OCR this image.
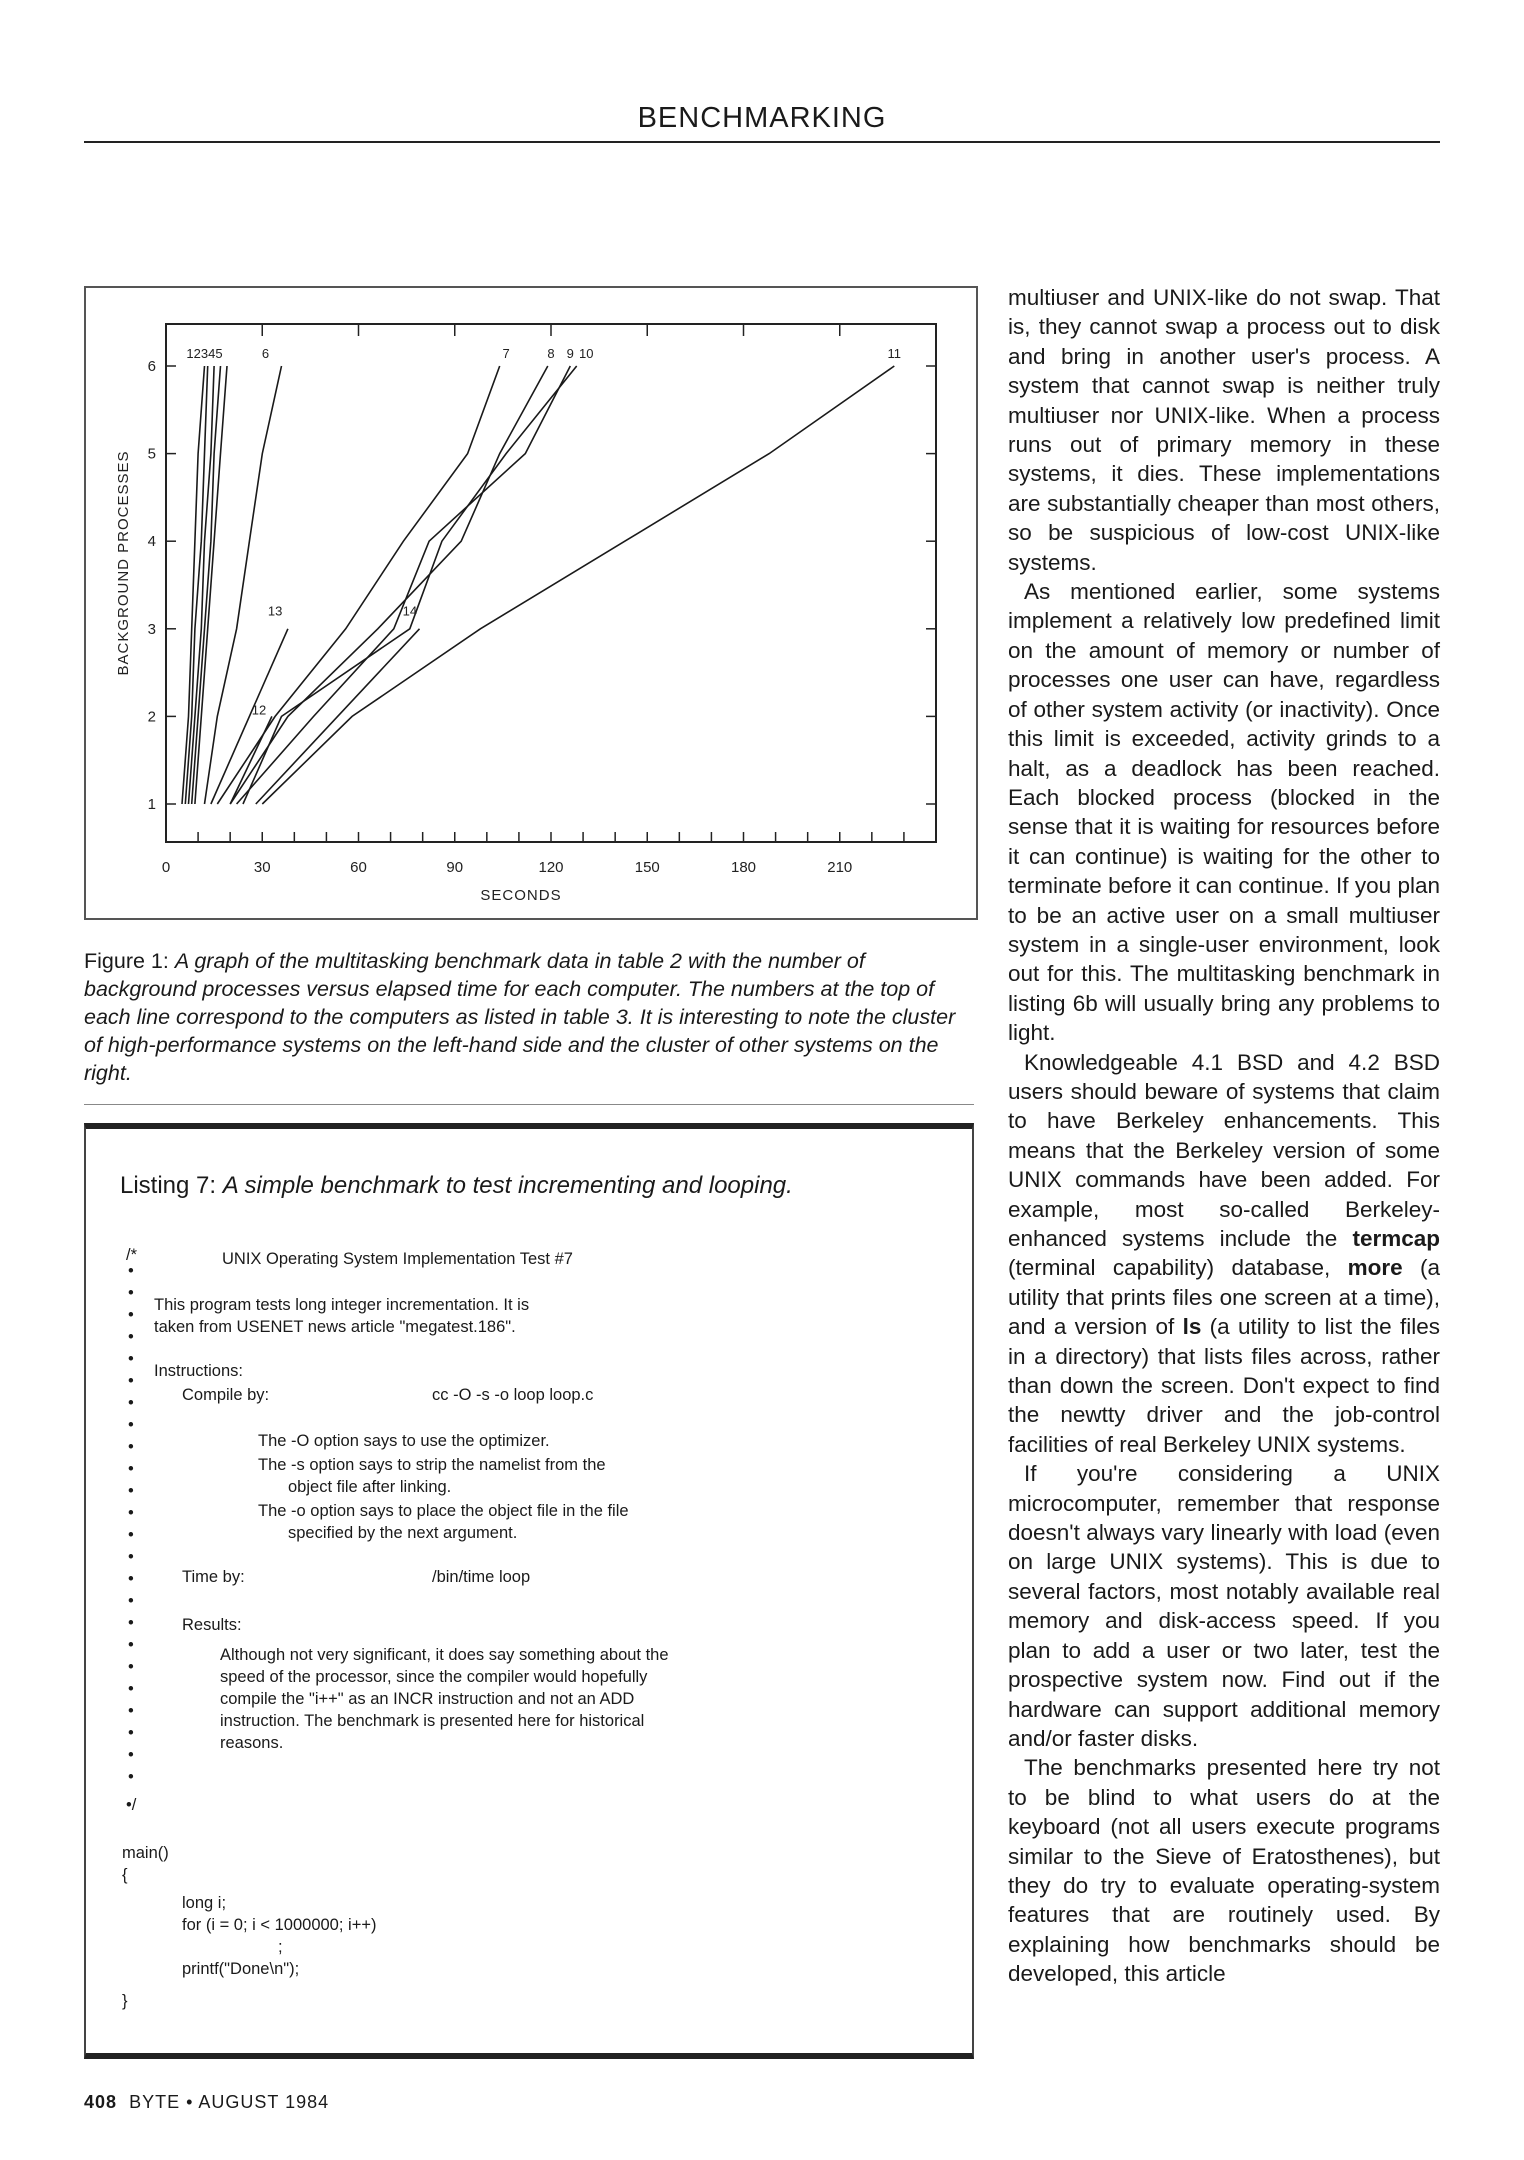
BENCHMARKING
0	30	60	90	120	150	180	210
1
2
3
4
5
6
SECONDS
BACKGROUND PROCESSES
12345	6	7	8 9 10	11
12
13	14
Figure 1: A graph of the multitasking benchmark data in table 2 with the number of background processes versus elapsed time for each computer. The numbers at the top of each line correspond to the computers as listed in table 3. It is interesting to note the cluster of high-performance systems on the left-hand side and the cluster of other systems on the right.
Listing 7: A simple benchmark to test incrementing and looping.
/*
•
•
•
•
•
•
•
•
•
•
•
•
•
•
•
•
•
•
•
•
•
•
•
•
•/
main()
{
long i;
for (i = 0; i < 1000000; i++)
;
printf("Done\n");
}
UNIX Operating System Implementation Test #7
This program tests long integer incrementation. It is
taken from USENET news article "megatest.186".
Instructions:
Compile by:	cc -O -s -o loop loop.c
The -O option says to use the optimizer.
The -s option says to strip the namelist from the
object file after linking.
The -o option says to place the object file in the file
specified by the next argument.
Time by:	/bin/time loop
Results:
Although not very significant, it does say something about the
speed of the processor, since the compiler would hopefully
compile the "i++" as an INCR instruction and not an ADD
instruction. The benchmark is presented here for historical
reasons.

multiuser and UNIX-like do not swap. That is, they cannot swap a process out to disk and bring in another user's process. A system that cannot swap is neither truly multiuser nor UNIX-like. When a process runs out of primary memory in these systems, it dies. These implementations are substantially cheaper than most others, so be suspicious of low-cost UNIX-like systems.

As mentioned earlier, some systems implement a relatively low predefined limit on the amount of memory or number of processes one user can have, regardless of other system activity (or inactivity). Once this limit is exceeded, activity grinds to a halt, as a deadlock has been reached. Each blocked process (blocked in the sense that it is waiting for resources before it can continue) is waiting for the other to terminate before it can continue. If you plan to be an active user on a small multiuser system in a single-user environment, look out for this. The multitasking benchmark in listing 6b will usually bring any problems to light.

Knowledgeable 4.1 BSD and 4.2 BSD users should beware of systems that claim to have Berkeley enhancements. This means that the Berkeley version of some UNIX commands have been added. For example, most so-called Berkeley-enhanced systems include the termcap (terminal capability) database, more (a utility that prints files one screen at a time), and a version of ls (a utility to list the files in a directory) that lists files across, rather than down the screen. Don't expect to find the newtty driver and the job-control facilities of real Berkeley UNIX systems.

If you're considering a UNIX microcomputer, remember that response doesn't always vary linearly with load (even on large UNIX systems). This is due to several factors, most notably available real memory and disk-access speed. If you plan to add a user or two later, test the prospective system now. Find out if the hardware can support additional memory and/or faster disks.

The benchmarks presented here try not to be blind to what users do at the keyboard (not all users execute programs similar to the Sieve of Eratosthenes), but they do try to evaluate operating-system features that are routinely used. By explaining how benchmarks should be developed, this article

408 BYTE • AUGUST 1984
